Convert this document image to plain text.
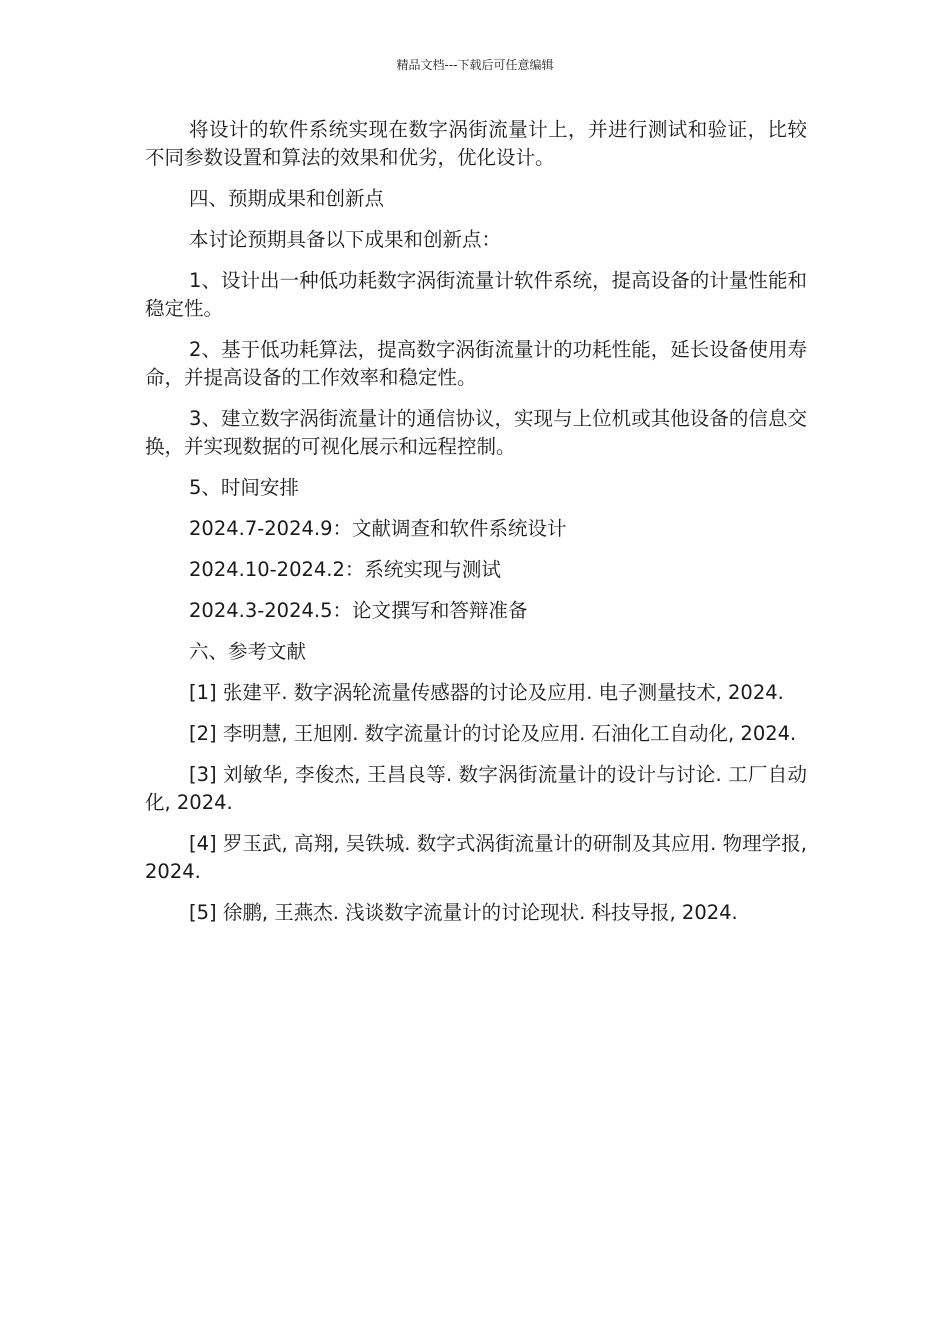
精品文档---下载后可任意编辑

将设计的软件系统实现在数字涡街流量计上，并进行测试和验证，比较不同参数设置和算法的效果和优劣，优化设计。

四、预期成果和创新点

本讨论预期具备以下成果和创新点：

1、设计出一种低功耗数字涡街流量计软件系统，提高设备的计量性能和稳定性。

2、基于低功耗算法，提高数字涡街流量计的功耗性能，延长设备使用寿命，并提高设备的工作效率和稳定性。

3、建立数字涡街流量计的通信协议，实现与上位机或其他设备的信息交换，并实现数据的可视化展示和远程控制。

5、时间安排

2024.7-2024.9：文献调查和软件系统设计

2024.10-2024.2：系统实现与测试

2024.3-2024.5：论文撰写和答辩准备

六、参考文献

[1] 张建平. 数字涡轮流量传感器的讨论及应用. 电子测量技术, 2024.

[2] 李明慧, 王旭刚. 数字流量计的讨论及应用. 石油化工自动化, 2024.

[3] 刘敏华, 李俊杰, 王昌良等. 数字涡街流量计的设计与讨论. 工厂自动化, 2024.

[4] 罗玉武, 高翔, 吴铁城. 数字式涡街流量计的研制及其应用. 物理学报, 2024.

[5] 徐鹏, 王燕杰. 浅谈数字流量计的讨论现状. 科技导报, 2024.
